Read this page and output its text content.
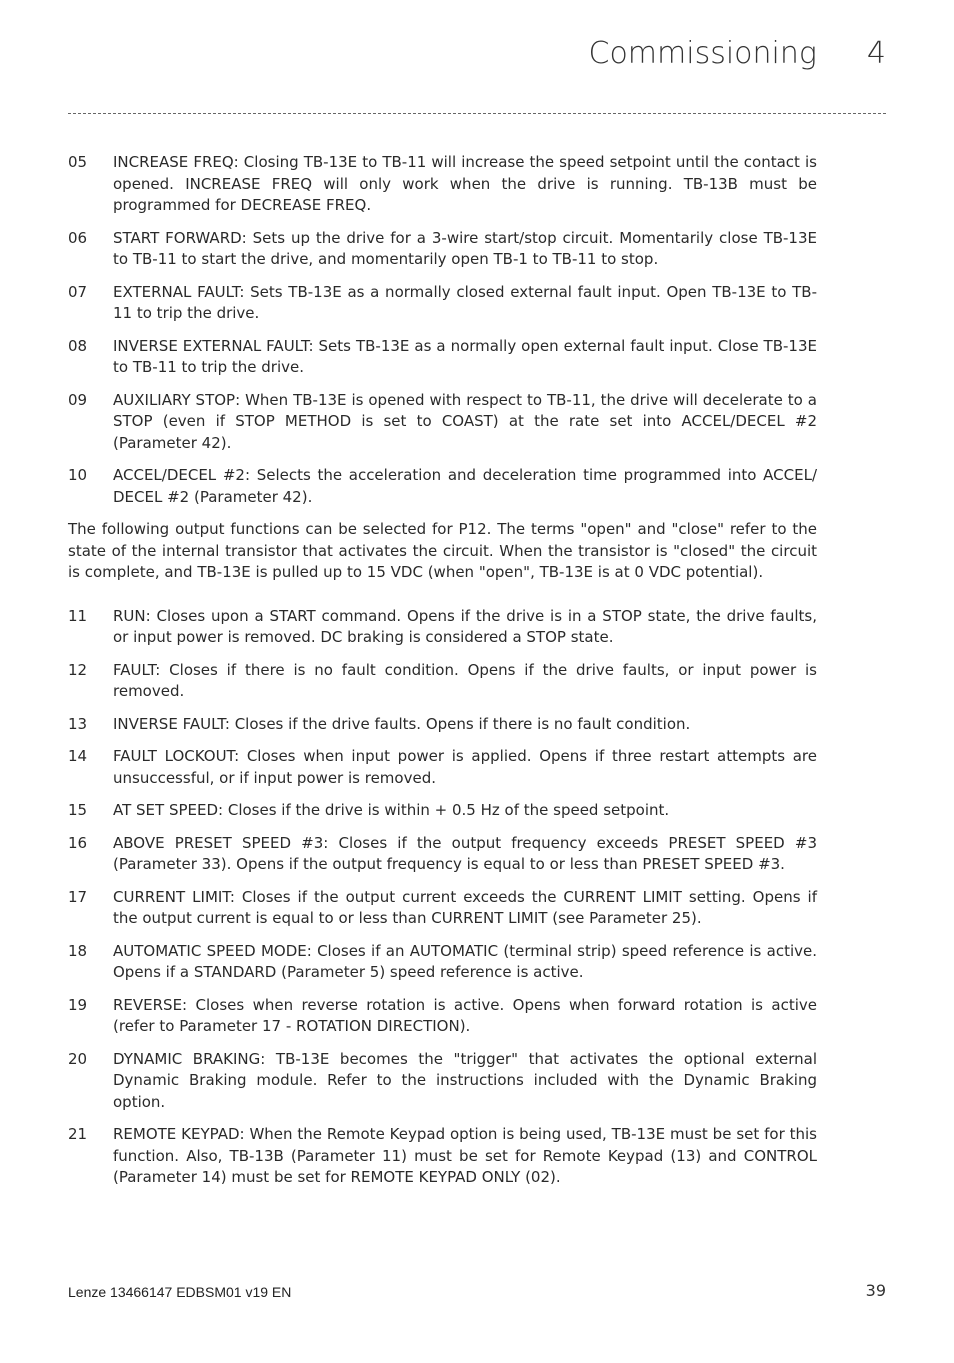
Commissioning 4
05	INCREASE FREQ: Closing TB-13E to TB-11 will increase the speed setpoint until the contact is opened. INCREASE FREQ will only work when the drive is running. TB-13B must be programmed for DECREASE FREQ.
06	START FORWARD: Sets up the drive for a 3-wire start/stop circuit. Momentarily close TB-13E to TB-11 to start the drive, and momentarily open TB-1 to TB-11 to stop.
07	EXTERNAL FAULT: Sets TB-13E as a normally closed external fault input. Open TB-13E to TB-11 to trip the drive.
08	INVERSE EXTERNAL FAULT: Sets TB-13E as a normally open external fault input. Close TB-13E to TB-11 to trip the drive.
09	AUXILIARY STOP: When TB-13E is opened with respect to TB-11, the drive will decelerate to a STOP (even if STOP METHOD is set to COAST) at the rate set into ACCEL/DECEL #2 (Parameter 42).
10	ACCEL/DECEL #2: Selects the acceleration and deceleration time programmed into ACCEL/ DECEL #2 (Parameter 42).
The following output functions can be selected for P12. The terms "open" and "close" refer to the state of the internal transistor that activates the circuit. When the transistor is "closed" the circuit is complete, and TB-13E is pulled up to 15 VDC (when "open", TB-13E is at 0 VDC potential).
11	RUN: Closes upon a START command. Opens if the drive is in a STOP state, the drive faults, or input power is removed. DC braking is considered a STOP state.
12	FAULT: Closes if there is no fault condition. Opens if the drive faults, or input power is removed.
13	INVERSE FAULT: Closes if the drive faults. Opens if there is no fault condition.
14	FAULT LOCKOUT: Closes when input power is applied. Opens if three restart attempts are unsuccessful, or if input power is removed.
15	AT SET SPEED: Closes if the drive is within + 0.5 Hz of the speed setpoint.
16	ABOVE PRESET SPEED #3: Closes if the output frequency exceeds PRESET SPEED #3 (Parameter 33). Opens if the output frequency is equal to or less than PRESET SPEED #3.
17	CURRENT LIMIT: Closes if the output current exceeds the CURRENT LIMIT setting. Opens if the output current is equal to or less than CURRENT LIMIT (see Parameter 25).
18	AUTOMATIC SPEED MODE: Closes if an AUTOMATIC (terminal strip) speed reference is active. Opens if a STANDARD (Parameter 5) speed reference is active.
19	REVERSE: Closes when reverse rotation is active. Opens when forward rotation is active (refer to Parameter 17 - ROTATION DIRECTION).
20	DYNAMIC BRAKING: TB-13E becomes the "trigger" that activates the optional external Dynamic Braking module. Refer to the instructions included with the Dynamic Braking option.
21	REMOTE KEYPAD: When the Remote Keypad option is being used, TB-13E must be set for this function. Also, TB-13B (Parameter 11) must be set for Remote Keypad (13) and CONTROL (Parameter 14) must be set for REMOTE KEYPAD ONLY (02).
Lenze 13466147 EDBSM01 v19 EN	39
